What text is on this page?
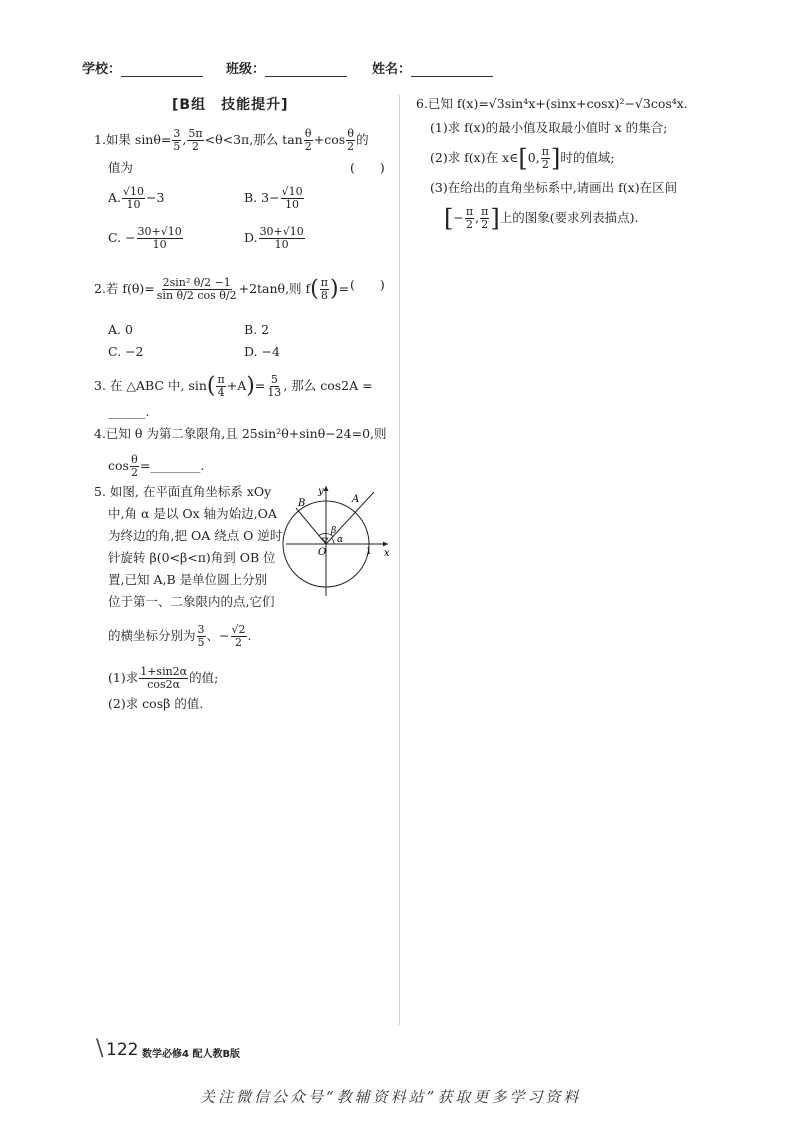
学校：	班级：	姓名：
[B组　技能提升]
1.如果 $\sin\theta= \frac{3}{5}$ , $\frac{5\pi}{2} <\theta<3\pi$,那么 $\tan \frac{\theta}{2} +\cos \frac{\theta}{2}$ 的
值为	(　　)
A. $\frac{√10}{10} -3$	B. $3- \frac{√10}{10}$
C. − $\frac{30+√10}{10}$	D. $\frac{30+√10}{10}$
2.若 $f(\theta)= \frac{\text{2sin² θ/2 −1}}{\text{sin θ/2 cos θ/2}} +2\tan\theta$,则 $f( \frac{\pi}{8}$ )= (　　)
A. 0	B. 2
C. −2	D. −4
3. 在 △ABC 中, $\sin( \frac{\pi}{4} +A)= \frac{5}{13}$ , 那么 cos2A =
______.
4.已知 θ 为第二象限角,且 25sin²θ+sinθ−24=0,则
$\cos \frac{\theta}{2}$ =________.
5. 如图, 在平面直角坐标系 xOy
中,角 α 是以 Ox 轴为始边,OA
为终边的角,把 OA 绕点 O 逆时
针旋转 β(0<β<π)角到 OB 位
置,已知 A,B 是单位圆上分别
位于第一、二象限内的点,它们
的横坐标分别为 $\frac{3}{5}$ 、− $\frac{√2}{2}$ .
(1)求 $\frac{1+\sin 2\alpha}{\cos 2\alpha}$ 的值;
(2)求 cosβ 的值.
y
x
O	1
A
B
α
β
6.已知 f(x)=√3sin⁴x+(sinx+cosx)²−√3cos⁴x.
(1)求 f(x)的最小值及取最小值时 x 的集合;
(2)求 f(x)在 x∈[0, $\frac{\pi}{2}$ ]时的值域;
(3)在给出的直角坐标系中,请画出 f(x)在区间
[− $\frac{\pi}{2}$ , $\frac{\pi}{2}$ ]上的图象(要求列表描点).
\ 122 数学必修4 配人教B版
关注微信公众号“教辅资料站”获取更多学习资料
